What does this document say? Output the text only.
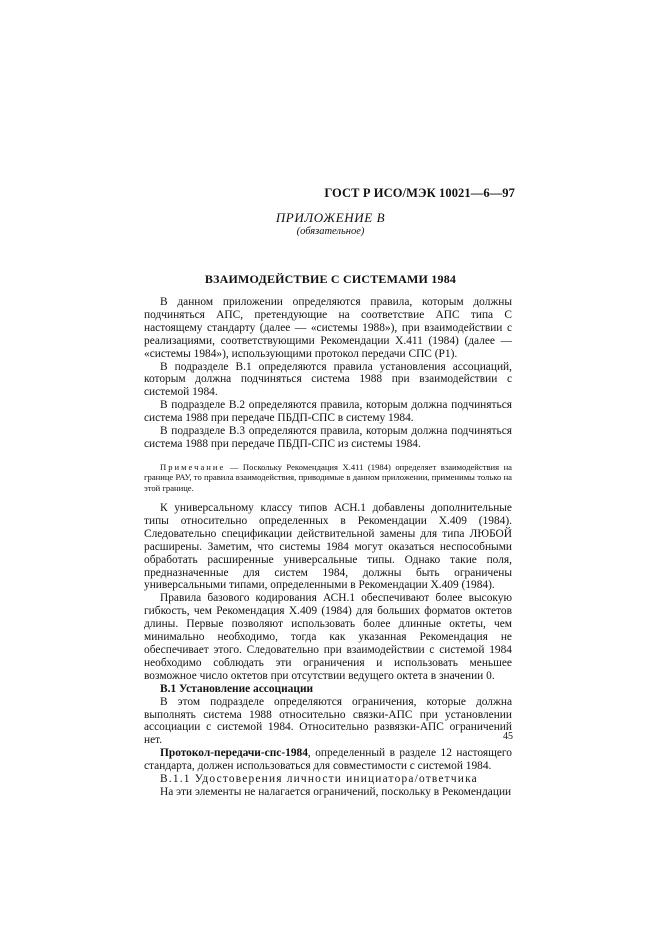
ГОСТ Р ИСО/МЭК 10021—6—97
ПРИЛОЖЕНИЕ В
(обязательное)
ВЗАИМОДЕЙСТВИЕ С СИСТЕМАМИ 1984

В данном приложении определяются правила, которым должны подчиняться АПС, претендующие на соответствие АПС типа С настоящему стандарту (далее — «системы 1988»), при взаимодействии с реализациями, соответствующими Рекомендации Х.411 (1984) (далее — «системы 1984»), использующими протокол передачи СПС (Р1).

В подразделе В.1 определяются правила установления ассоциаций, которым должна подчиняться система 1988 при взаимодействии с системой 1984.

В подразделе В.2 определяются правила, которым должна подчиняться система 1988 при передаче ПБДП-СПС в систему 1984.

В подразделе В.3 определяются правила, которым должна подчиняться система 1988 при передаче ПБДП-СПС из системы 1984.

Примечание — Поскольку Рекомендация Х.411 (1984) определяет взаимодействия на границе РАУ, то правила взаимодействия, приводимые в данном приложении, применимы только на этой границе.

К универсальному классу типов АСН.1 добавлены дополнительные типы относительно определенных в Рекомендации Х.409 (1984). Следовательно спецификации действительной замены для типа ЛЮБОЙ расширены. Заметим, что системы 1984 могут оказаться неспособными обработать расширенные универсальные типы. Однако такие поля, предназначенные для систем 1984, должны быть ограничены универсальными типами, определенными в Рекомендации Х.409 (1984).

Правила базового кодирования АСН.1 обеспечивают более высокую гибкость, чем Рекомендация Х.409 (1984) для больших форматов октетов длины. Первые позволяют использовать более длинные октеты, чем минимально необходимо, тогда как указанная Рекомендация не обеспечивает этого. Следовательно при взаимодействии с системой 1984 необходимо соблюдать эти ограничения и использовать меньшее возможное число октетов при отсутствии ведущего октета в значении 0.

В.1 Установление ассоциации

В этом подразделе определяются ограничения, которые должна выполнять система 1988 относительно связки-АПС при установлении ассоциации с системой 1984. Относительно развязки-АПС ограничений нет.

Протокол-передачи-спс-1984, определенный в разделе 12 настоящего стандарта, должен использоваться для совместимости с системой 1984.

В.1.1 Удостоверения личности инициатора/ответчика

На эти элементы не налагается ограничений, поскольку в Рекомендации

45
